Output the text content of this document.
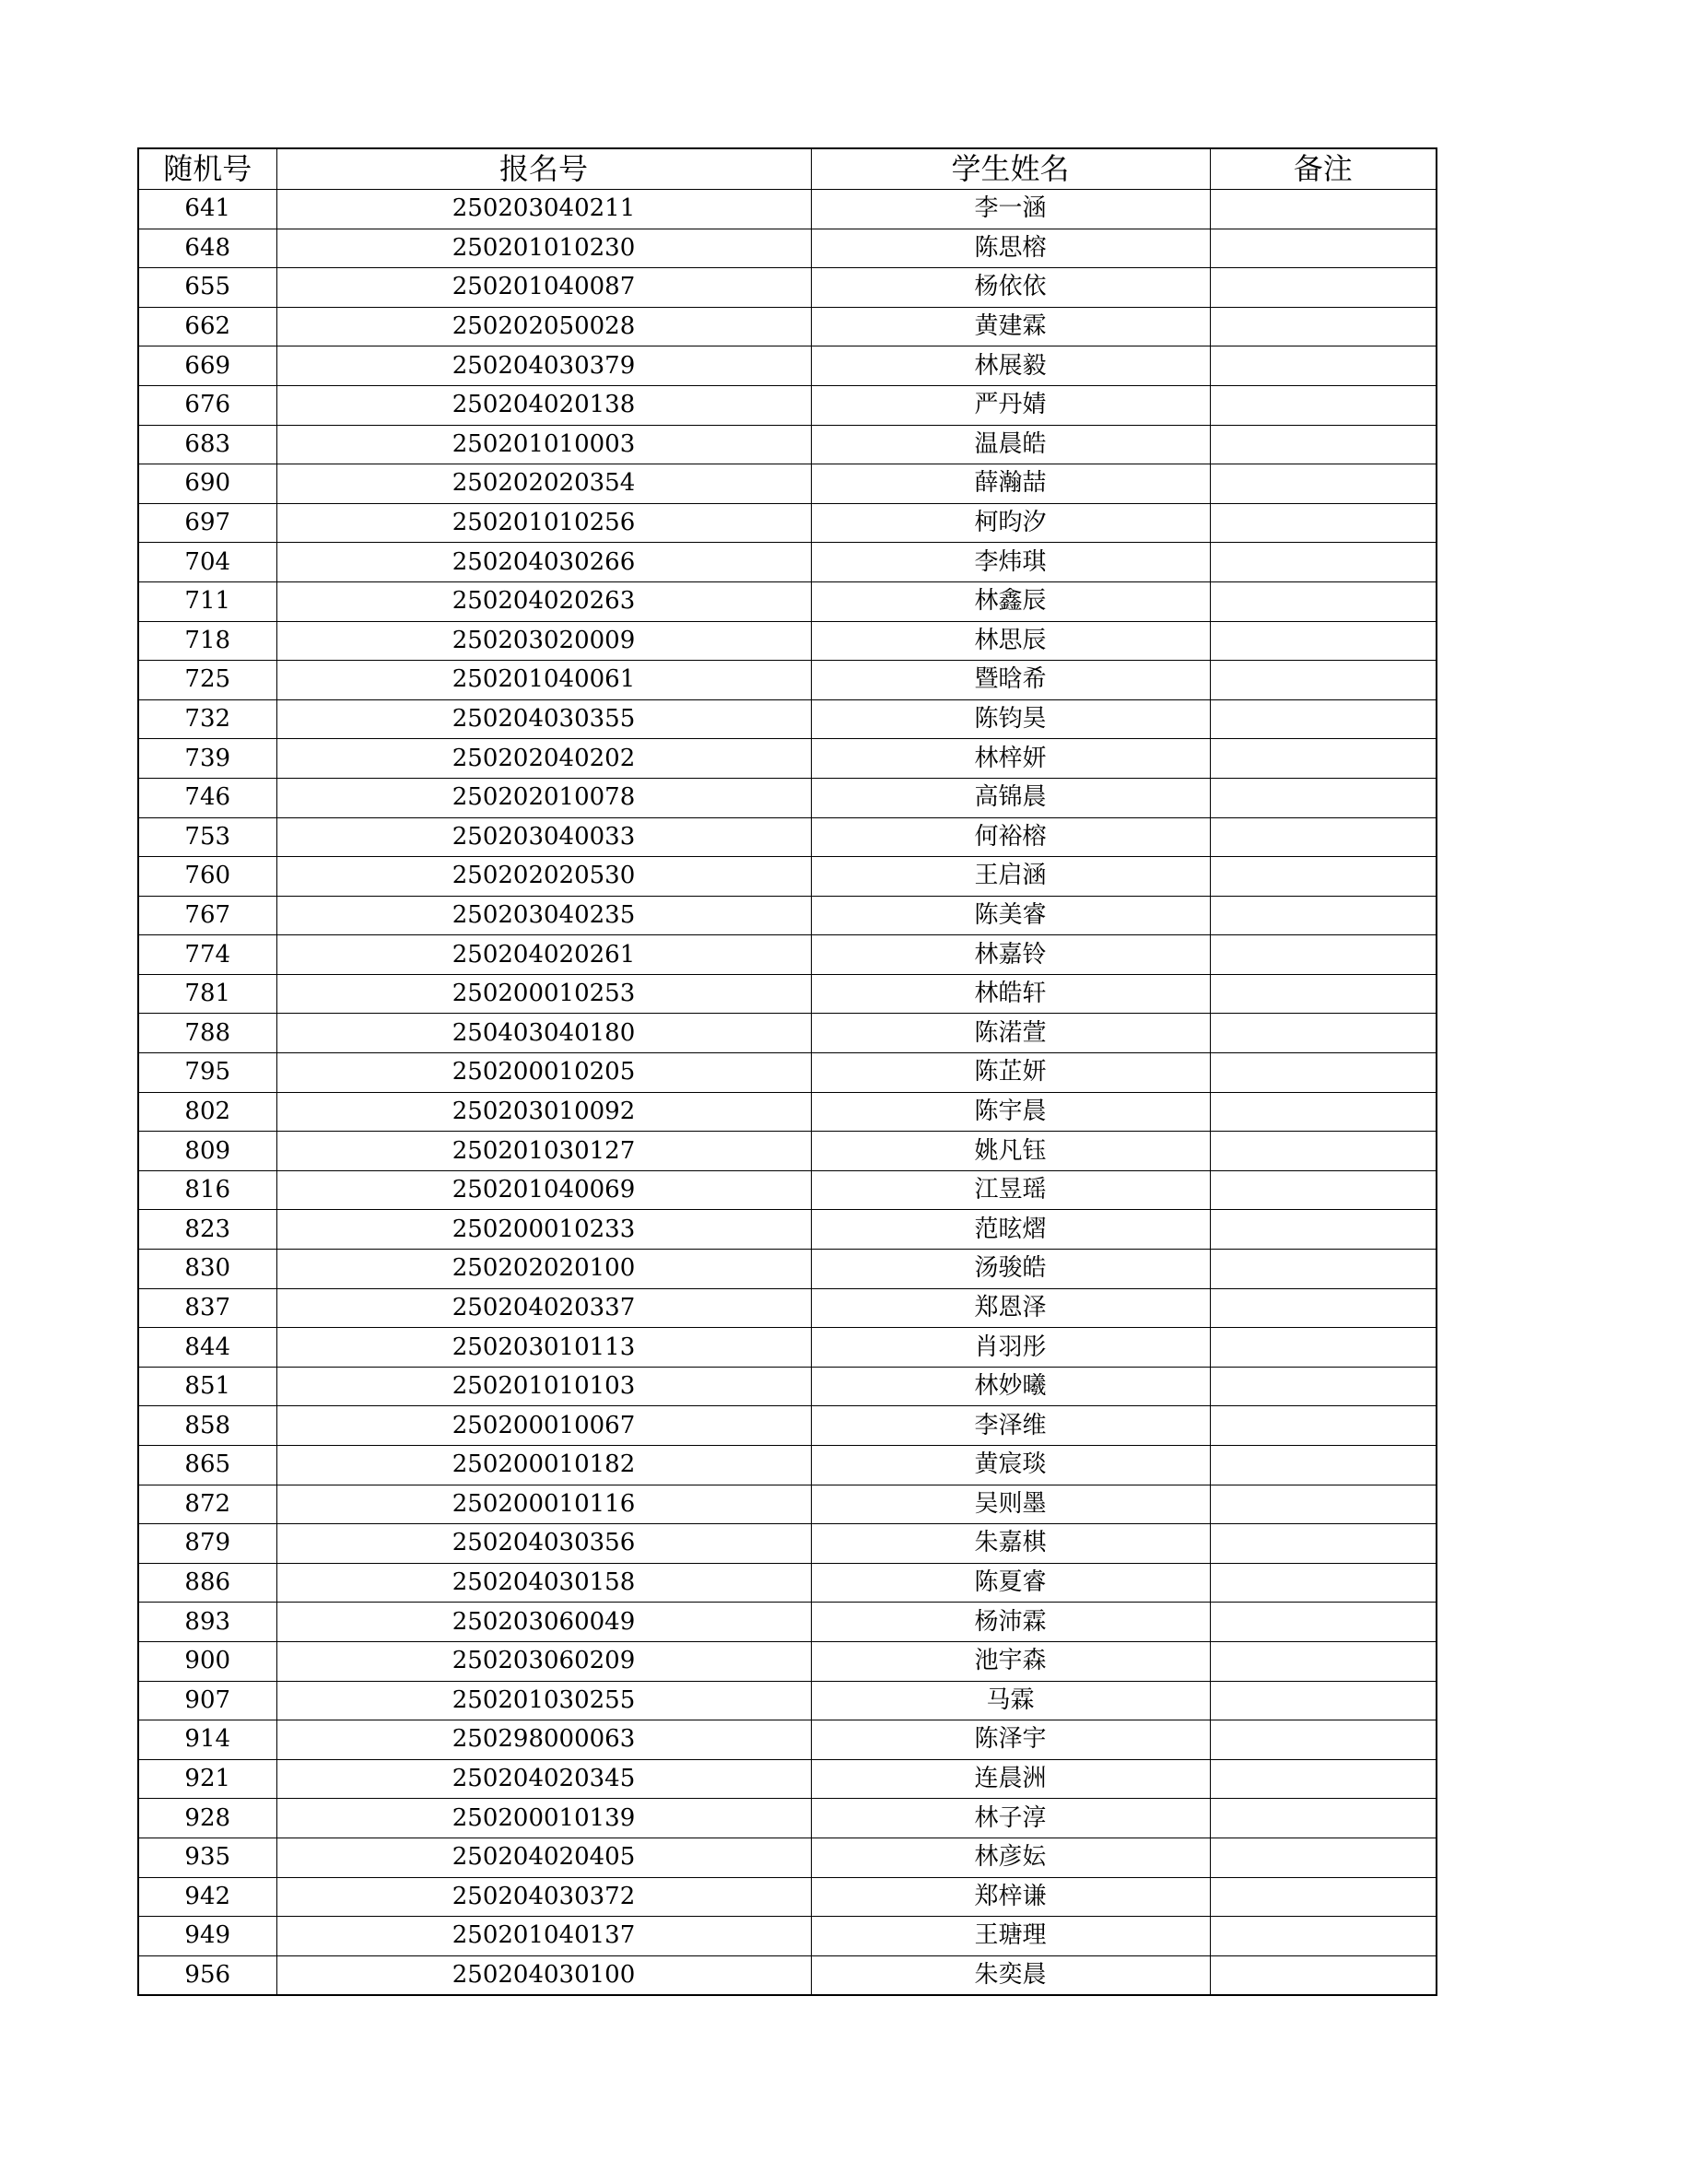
随机号	报名号	学生姓名	备注
641	250203040211	李一涵	
648	250201010230	陈思榕	
655	250201040087	杨依依	
662	250202050028	黄建霖	
669	250204030379	林展毅	
676	250204020138	严丹婧	
683	250201010003	温晨皓	
690	250202020354	薛瀚喆	
697	250201010256	柯昀汐	
704	250204030266	李炜琪	
711	250204020263	林鑫辰	
718	250203020009	林思辰	
725	250201040061	暨晗希	
732	250204030355	陈钧昊	
739	250202040202	林梓妍	
746	250202010078	高锦晨	
753	250203040033	何裕榕	
760	250202020530	王启涵	
767	250203040235	陈美睿	
774	250204020261	林嘉铃	
781	250200010253	林皓轩	
788	250403040180	陈渃萱	
795	250200010205	陈芷妍	
802	250203010092	陈宇晨	
809	250201030127	姚凡钰	
816	250201040069	江昱瑶	
823	250200010233	范昡熠	
830	250202020100	汤骏皓	
837	250204020337	郑恩泽	
844	250203010113	肖羽彤	
851	250201010103	林妙曦	
858	250200010067	李泽维	
865	250200010182	黄宸琰	
872	250200010116	吴则墨	
879	250204030356	朱嘉棋	
886	250204030158	陈夏睿	
893	250203060049	杨沛霖	
900	250203060209	池宇森	
907	250201030255	马霖	
914	250298000063	陈泽宇	
921	250204020345	连晨洲	
928	250200010139	林子淳	
935	250204020405	林彦妘	
942	250204030372	郑梓谦	
949	250201040137	王瑭理	
956	250204030100	朱奕晨	
